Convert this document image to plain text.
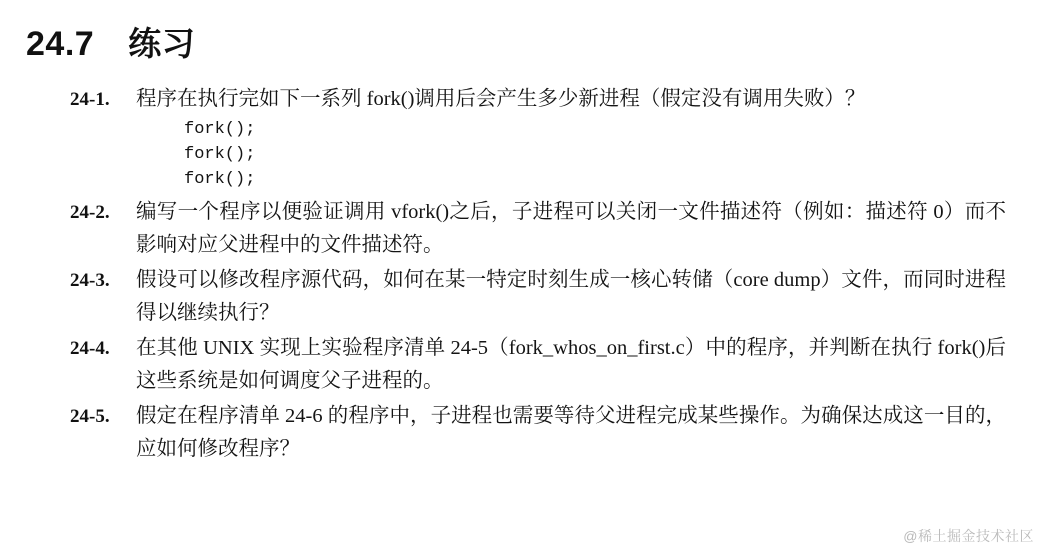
24.7 练习
24-1.	程序在执行完如下一系列 fork()调用后会产生多少新进程（假定没有调用失败）？

fork();
fork();
fork();
24-2.	编写一个程序以便验证调用 vfork()之后，子进程可以关闭一文件描述符（例如：描述符 0）而不影响对应父进程中的文件描述符。

24-3.	假设可以修改程序源代码，如何在某一特定时刻生成一核心转储（core dump）文件，而同时进程得以继续执行？

24-4.	在其他 UNIX 实现上实验程序清单 24-5（fork_whos_on_first.c）中的程序，并判断在执行 fork()后这些系统是如何调度父子进程的。

24-5.	假定在程序清单 24-6 的程序中，子进程也需要等待父进程完成某些操作。为确保达成这一目的，应如何修改程序？

@稀土掘金技术社区
